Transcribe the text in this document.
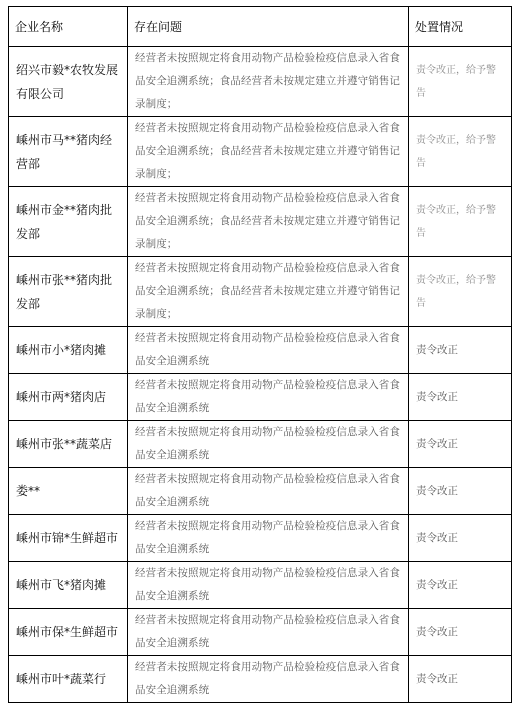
企业名称	存在问题	处置情况
绍兴市毅*农牧发展有限公司	经营者未按照规定将食用动物产品检验检疫信息录入省食品安全追溯系统；食品经营者未按规定建立并遵守销售记录制度；	责令改正，给予警告
嵊州市马**猪肉经营部	经营者未按照规定将食用动物产品检验检疫信息录入省食品安全追溯系统；食品经营者未按规定建立并遵守销售记录制度；	责令改正，给予警告
嵊州市金**猪肉批发部	经营者未按照规定将食用动物产品检验检疫信息录入省食品安全追溯系统；食品经营者未按规定建立并遵守销售记录制度；	责令改正，给予警告
嵊州市张**猪肉批发部	经营者未按照规定将食用动物产品检验检疫信息录入省食品安全追溯系统；食品经营者未按规定建立并遵守销售记录制度；	责令改正，给予警告
嵊州市小*猪肉摊	经营者未按照规定将食用动物产品检验检疫信息录入省食品安全追溯系统	责令改正
嵊州市两*猪肉店	经营者未按照规定将食用动物产品检验检疫信息录入省食品安全追溯系统	责令改正
嵊州市张**蔬菜店	经营者未按照规定将食用动物产品检验检疫信息录入省食品安全追溯系统	责令改正
娄**	经营者未按照规定将食用动物产品检验检疫信息录入省食品安全追溯系统	责令改正
嵊州市锦*生鲜超市	经营者未按照规定将食用动物产品检验检疫信息录入省食品安全追溯系统	责令改正
嵊州市飞*猪肉摊	经营者未按照规定将食用动物产品检验检疫信息录入省食品安全追溯系统	责令改正
嵊州市保*生鲜超市	经营者未按照规定将食用动物产品检验检疫信息录入省食品安全追溯系统	责令改正
嵊州市叶*蔬菜行	经营者未按照规定将食用动物产品检验检疫信息录入省食品安全追溯系统	责令改正
